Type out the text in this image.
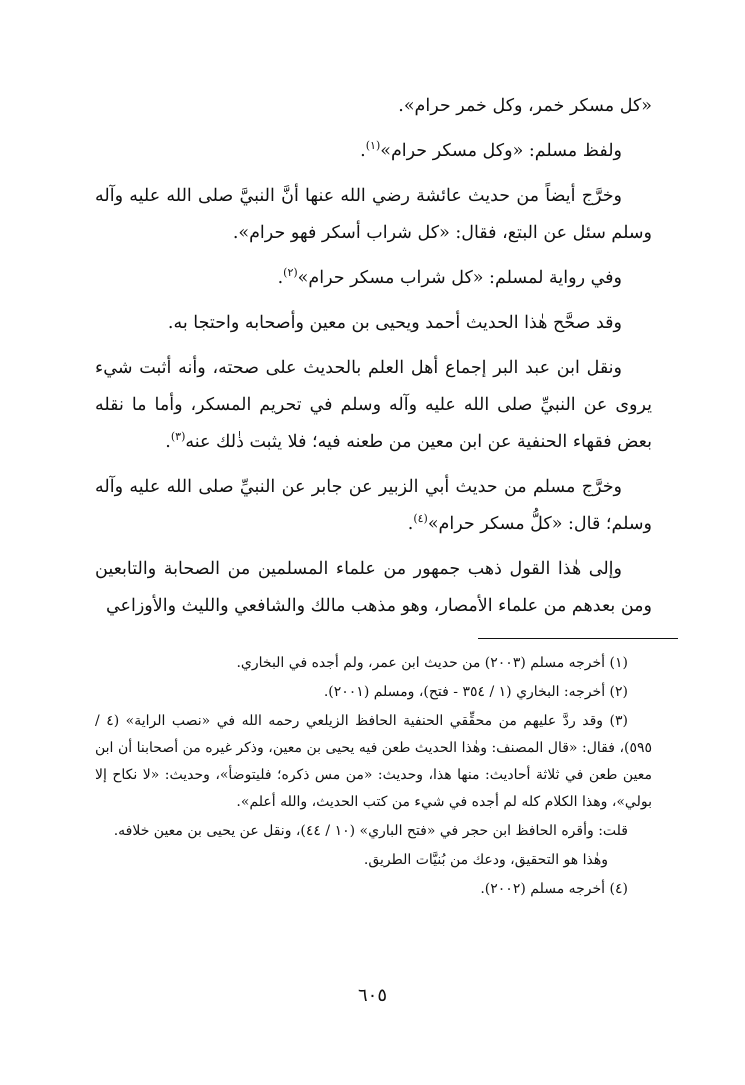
«كل مسكر خمر، وكل خمر حرام».

ولفظ مسلم: «وكل مسكر حرام»$^{(١)}$.

وخرَّج أيضاً من حديث عائشة رضي الله عنها أنَّ النبيَّ صلى الله عليه وآله وسلم سئل عن البتع، فقال: «كل شراب أسكر فهو حرام».

وفي رواية لمسلم: «كل شراب مسكر حرام»$^{(٢)}$.

وقد صحَّح هٰذا الحديث أحمد ويحيى بن معين وأصحابه واحتجا به.

ونقل ابن عبد البر إجماع أهل العلم بالحديث على صحته، وأنه أثبت شيء يروى عن النبيِّ صلى الله عليه وآله وسلم في تحريم المسكر، وأما ما نقله بعض فقهاء الحنفية عن ابن معين من طعنه فيه؛ فلا يثبت ذٰلك عنه$^{(٣)}$.

وخرَّج مسلم من حديث أبي الزبير عن جابر عن النبيِّ صلى الله عليه وآله وسلم؛ قال: «كلُّ مسكر حرام»$^{(٤)}$.

وإلى هٰذا القول ذهب جمهور من علماء المسلمين من الصحابة والتابعين ومن بعدهم من علماء الأمصار، وهو مذهب مالك والشافعي والليث والأوزاعي

(١) أخرجه مسلم (٢٠٠٣) من حديث ابن عمر، ولم أجده في البخاري.

(٢) أخرجه: البخاري (١ / ٣٥٤ - فتح)، ومسلم (٢٠٠١).

(٣) وقد ردَّ عليهم من محقِّقي الحنفية الحافظ الزيلعي رحمه الله في «نصب الراية» (٤ / ٥٩٥)، فقال: «قال المصنف: وهٰذا الحديث طعن فيه يحيى بن معين، وذكر غيره من أصحابنا أن ابن معين طعن في ثلاثة أحاديث: منها هذا، وحديث: «من مس ذكره؛ فليتوضأ»، وحديث: «لا نكاح إلا بولي»، وهذا الكلام كله لم أجده في شيء من كتب الحديث، والله أعلم».

قلت: وأقره الحافظ ابن حجر في «فتح الباري» (١٠ / ٤٤)، ونقل عن يحيى بن معين خلافه.

وهٰذا هو التحقيق، ودعك من بُنيَّات الطريق.

(٤) أخرجه مسلم (٢٠٠٢).

٦٠٥
